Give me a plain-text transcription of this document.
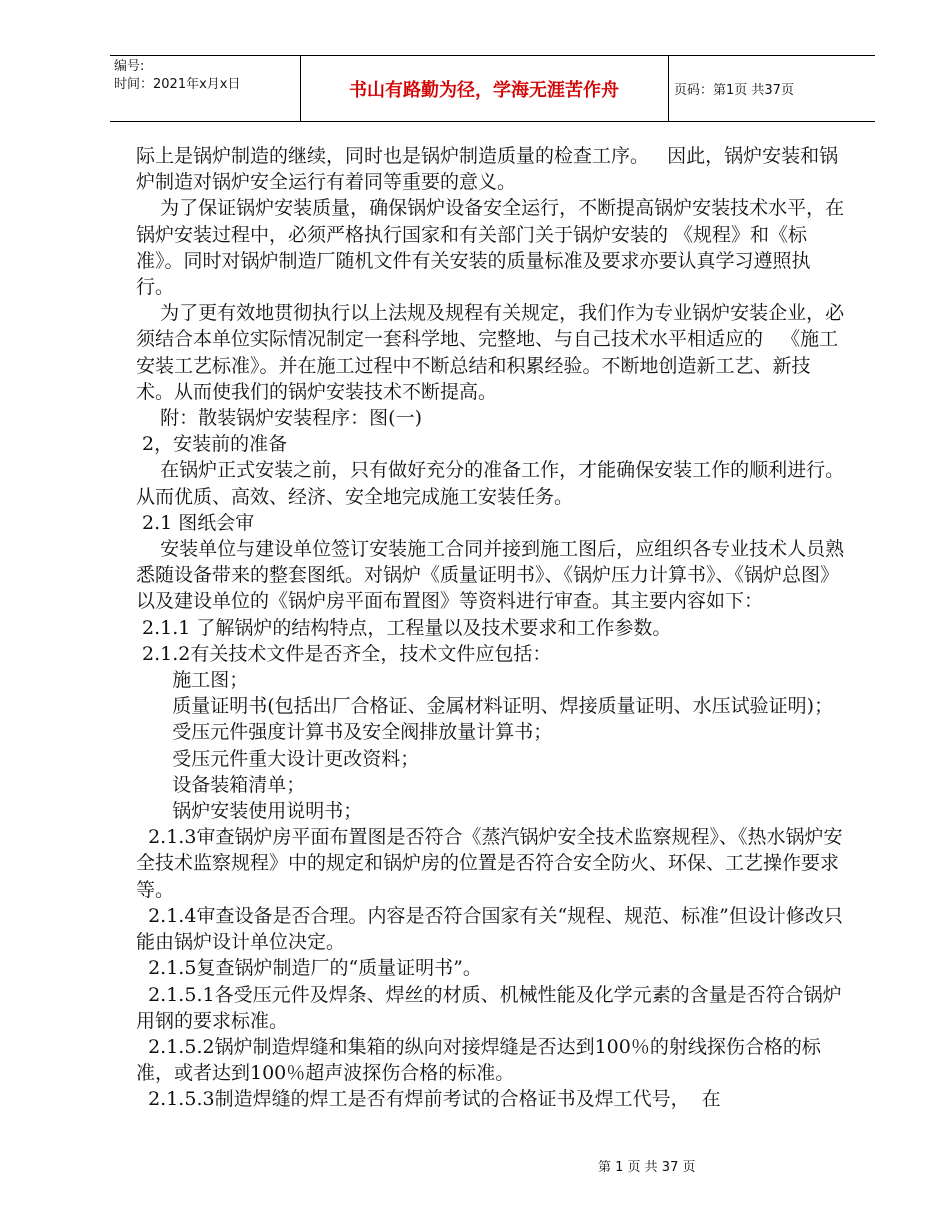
编号:
时间：2021年x月x日	书山有路勤为径，学海无涯苦作舟	页码：第1页 共37页

际上是锅炉制造的继续，同时也是锅炉制造质量的检查工序。   因此，锅炉安装和锅炉制造对锅炉安全运行有着同等重要的意义。

为了保证锅炉安装质量，确保锅炉设备安全运行，不断提高锅炉安装技术水平，在锅炉安装过程中，必须严格执行国家和有关部门关于锅炉安装的 《规程》和《标准》。同时对锅炉制造厂随机文件有关安装的质量标准及要求亦要认真学习遵照执行。

为了更有效地贯彻执行以上法规及规程有关规定，我们作为专业锅炉安装企业，必须结合本单位实际情况制定一套科学地、完整地、与自己技术水平相适应的   《施工安装工艺标准》。并在施工过程中不断总结和积累经验。不断地创造新工艺、新技术。从而使我们的锅炉安装技术不断提高。

附：散装锅炉安装程序：图(一)

2，安装前的准备

在锅炉正式安装之前，只有做好充分的准备工作，才能确保安装工作的顺利进行。从而优质、高效、经济、安全地完成施工安装任务。

2.1 图纸会审

安装单位与建设单位签订安装施工合同并接到施工图后，应组织各专业技术人员熟悉随设备带来的整套图纸。对锅炉《质量证明书》、《锅炉压力计算书》、《锅炉总图》以及建设单位的《锅炉房平面布置图》等资料进行审查。其主要内容如下：

2.1.1 了解锅炉的结构特点，工程量以及技术要求和工作参数。

2.1.2有关技术文件是否齐全，技术文件应包括：

施工图；

质量证明书(包括出厂合格证、金属材料证明、焊接质量证明、水压试验证明)；

受压元件强度计算书及安全阀排放量计算书；

受压元件重大设计更改资料；

设备装箱清单；

锅炉安装使用说明书；

2.1.3审查锅炉房平面布置图是否符合《蒸汽锅炉安全技术监察规程》、《热水锅炉安全技术监察规程》中的规定和锅炉房的位置是否符合安全防火、环保、工艺操作要求等。

2.1.4审查设备是否合理。内容是否符合国家有关“规程、规范、标准”但设计修改只能由锅炉设计单位决定。

2.1.5复查锅炉制造厂的“质量证明书”。

2.1.5.1各受压元件及焊条、焊丝的材质、机械性能及化学元素的含量是否符合锅炉用钢的要求标准。

2.1.5.2锅炉制造焊缝和集箱的纵向对接焊缝是否达到100％的射线探伤合格的标准，或者达到100％超声波探伤合格的标准。

2.1.5.3制造焊缝的焊工是否有焊前考试的合格证书及焊工代号，  在

第 1 页 共 37 页
